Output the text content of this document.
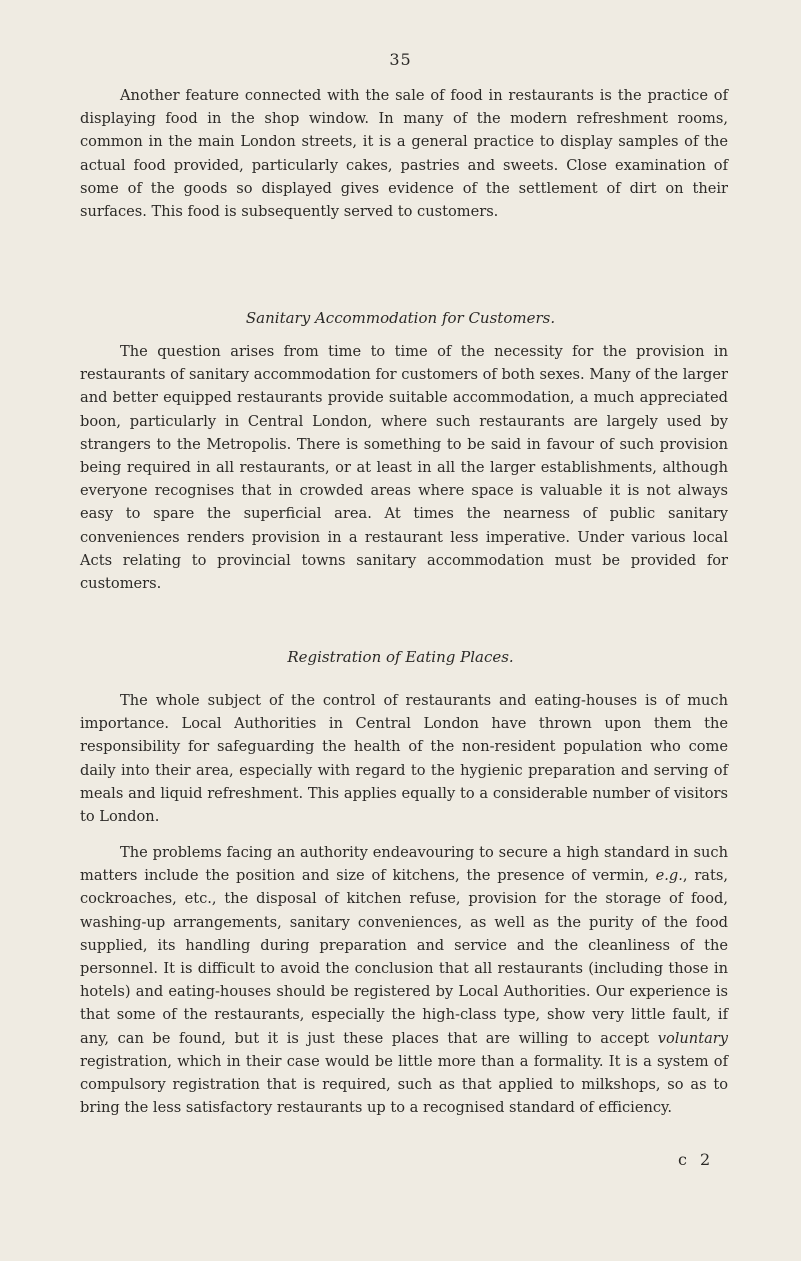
35

Another feature connected with the sale of food in restaurants is the practice of displaying food in the shop window. In many of the modern refreshment rooms, common in the main London streets, it is a general practice to display samples of the actual food provided, particularly cakes, pastries and sweets. Close examination of some of the goods so displayed gives evidence of the settlement of dirt on their surfaces. This food is subsequently served to customers.

Sanitary Accommodation for Customers.

The question arises from time to time of the necessity for the provision in restaurants of sanitary accommodation for customers of both sexes. Many of the larger and better equipped restaurants provide suitable accommodation, a much appreciated boon, particularly in Central London, where such restaurants are largely used by strangers to the Metropolis. There is something to be said in favour of such provision being required in all restaurants, or at least in all the larger establishments, although everyone recognises that in crowded areas where space is valuable it is not always easy to spare the superficial area. At times the nearness of public sanitary conveniences renders provision in a restaurant less imperative. Under various local Acts relating to provincial towns sanitary accommodation must be provided for customers.

Registration of Eating Places.

The whole subject of the control of restaurants and eating-houses is of much importance. Local Authorities in Central London have thrown upon them the responsibility for safeguarding the health of the non-resident population who come daily into their area, especially with regard to the hygienic preparation and serving of meals and liquid refreshment. This applies equally to a considerable number of visitors to London.

The problems facing an authority endeavouring to secure a high standard in such matters include the position and size of kitchens, the presence of vermin, e.g., rats, cockroaches, etc., the disposal of kitchen refuse, provision for the storage of food, washing-up arrangements, sanitary conveniences, as well as the purity of the food supplied, its handling during preparation and service and the cleanliness of the personnel. It is difficult to avoid the conclusion that all restaurants (including those in hotels) and eating-houses should be registered by Local Authorities. Our experience is that some of the restaurants, especially the high-class type, show very little fault, if any, can be found, but it is just these places that are willing to accept voluntary registration, which in their case would be little more than a formality. It is a system of compulsory registration that is required, such as that applied to milkshops, so as to bring the less satisfactory restaurants up to a recognised standard of efficiency.

c 2
